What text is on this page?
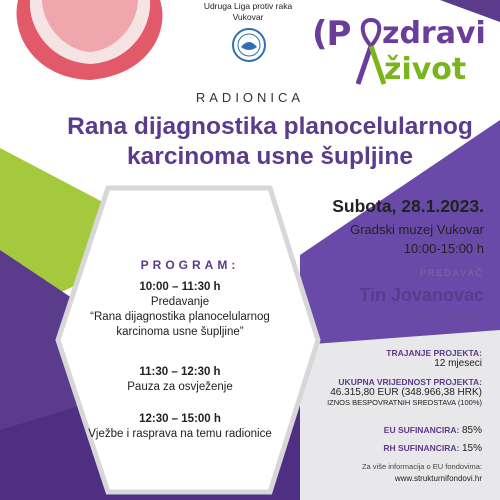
Udruga Liga protiv raka
Vukovar	(P zdravi
život
RADIONICA
Rana dijagnostika planocelularnog
karcinoma usne šupljine
Subota, 28.1.2023.
Gradski muzej Vukovar
10:00-15:00 h
PREDAVAČ
Tin Jovanovac
dr. dent. med.
TRAJANJE PROJEKTA:
12 mjeseci
UKUPNA VRIJEDNOST PROJEKTA:
46.315,80 EUR (348.966,38 HRK)
IZNOS BESPOVRATNIH SREDSTAVA (100%)
EU SUFINANCIRA: 85%
RH SUFINANCIRA: 15%
Za više informacija o EU fondovima:
www.strukturnifondovi.hr
PROGRAM:
10:00 – 11:30 h
Predavanje
“Rana dijagnostika planocelularnog
karcinoma usne šupljine”
11:30 – 12:30 h
Pauza za osvježenje
12:30 – 15:00 h
Vježbe i rasprava na temu radionice
